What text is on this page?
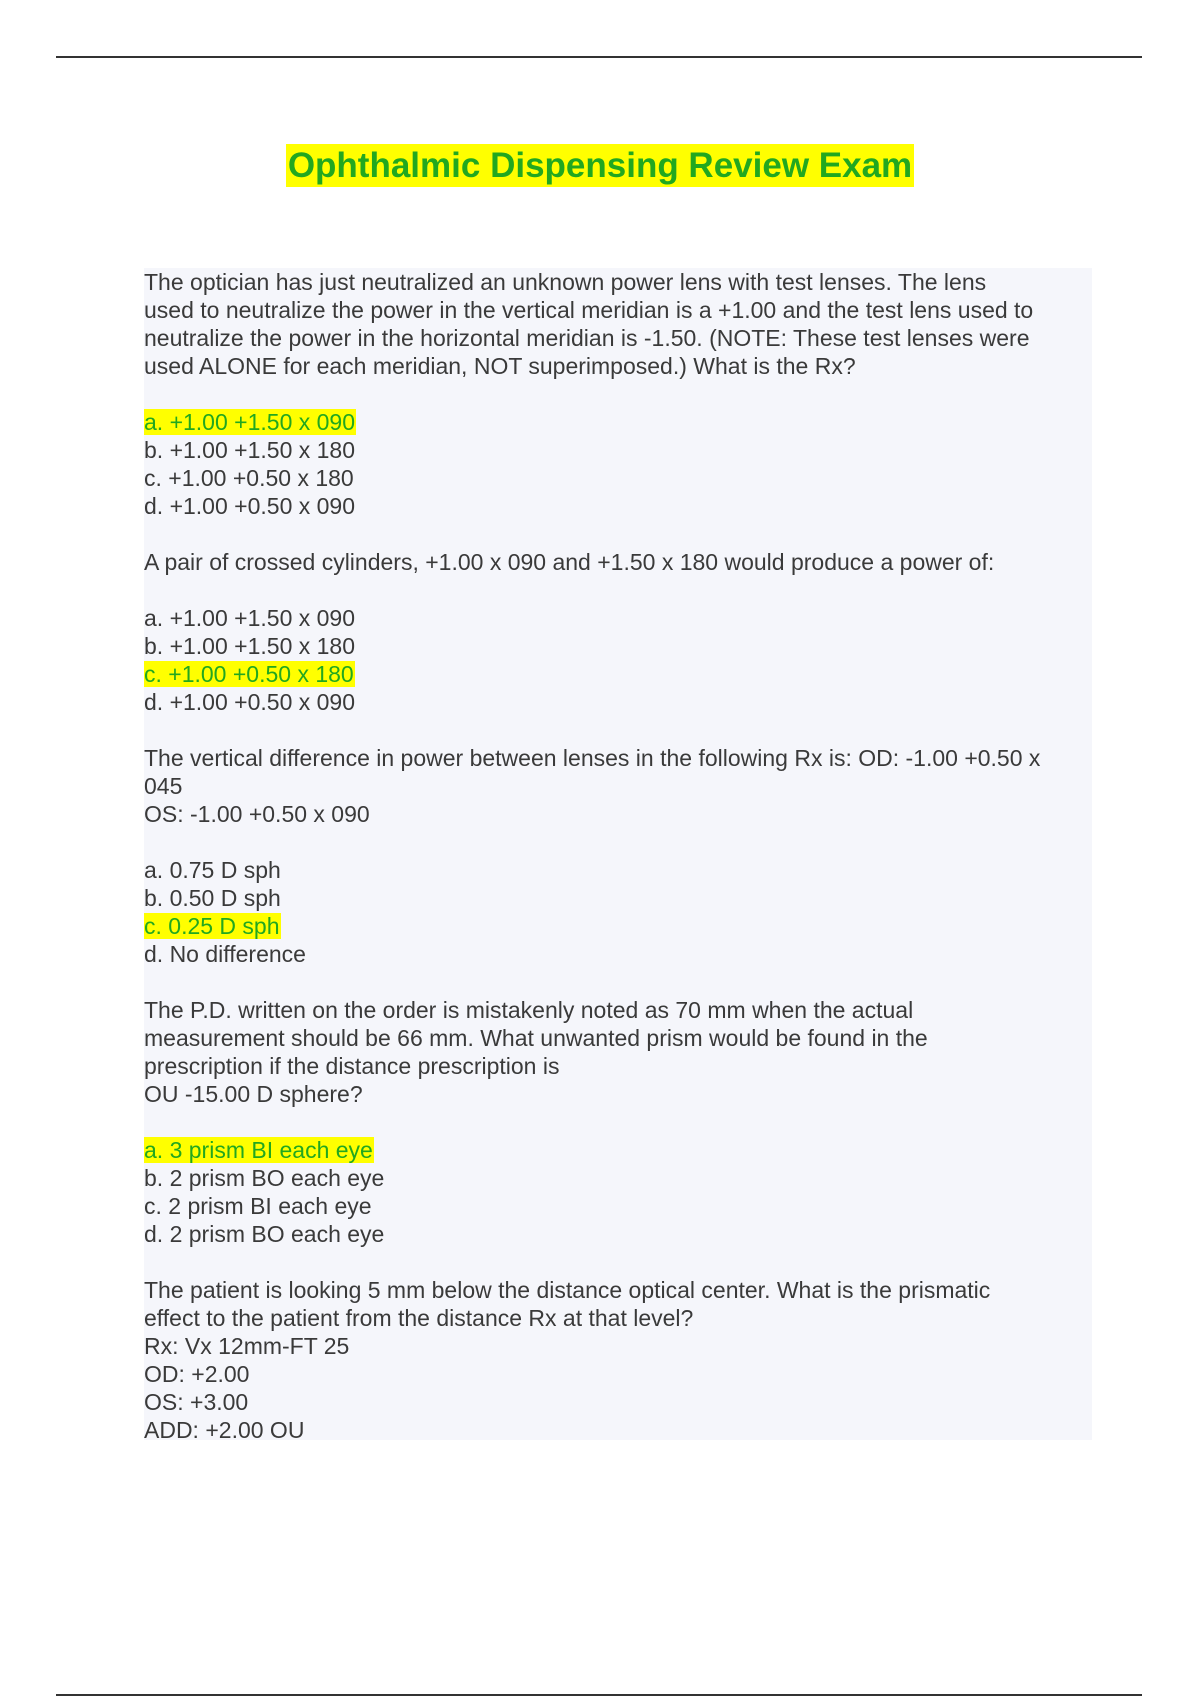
Ophthalmic Dispensing Review Exam
The optician has just neutralized an unknown power lens with test lenses. The lens
used to neutralize the power in the vertical meridian is a +1.00 and the test lens used to
neutralize the power in the horizontal meridian is -1.50. (NOTE: These test lenses were
used ALONE for each meridian, NOT superimposed.) What is the Rx?
a. +1.00 +1.50 x 090
b. +1.00 +1.50 x 180
c. +1.00 +0.50 x 180
d. +1.00 +0.50 x 090
A pair of crossed cylinders, +1.00 x 090 and +1.50 x 180 would produce a power of:
a. +1.00 +1.50 x 090
b. +1.00 +1.50 x 180
c. +1.00 +0.50 x 180
d. +1.00 +0.50 x 090
The vertical difference in power between lenses in the following Rx is: OD: -1.00 +0.50 x
045
OS: -1.00 +0.50 x 090
a. 0.75 D sph
b. 0.50 D sph
c. 0.25 D sph
d. No difference
The P.D. written on the order is mistakenly noted as 70 mm when the actual
measurement should be 66 mm. What unwanted prism would be found in the
prescription if the distance prescription is
OU -15.00 D sphere?
a. 3 prism BI each eye
b. 2 prism BO each eye
c. 2 prism BI each eye
d. 2 prism BO each eye
The patient is looking 5 mm below the distance optical center. What is the prismatic
effect to the patient from the distance Rx at that level?
Rx: Vx 12mm-FT 25
OD: +2.00
OS: +3.00
ADD: +2.00 OU
